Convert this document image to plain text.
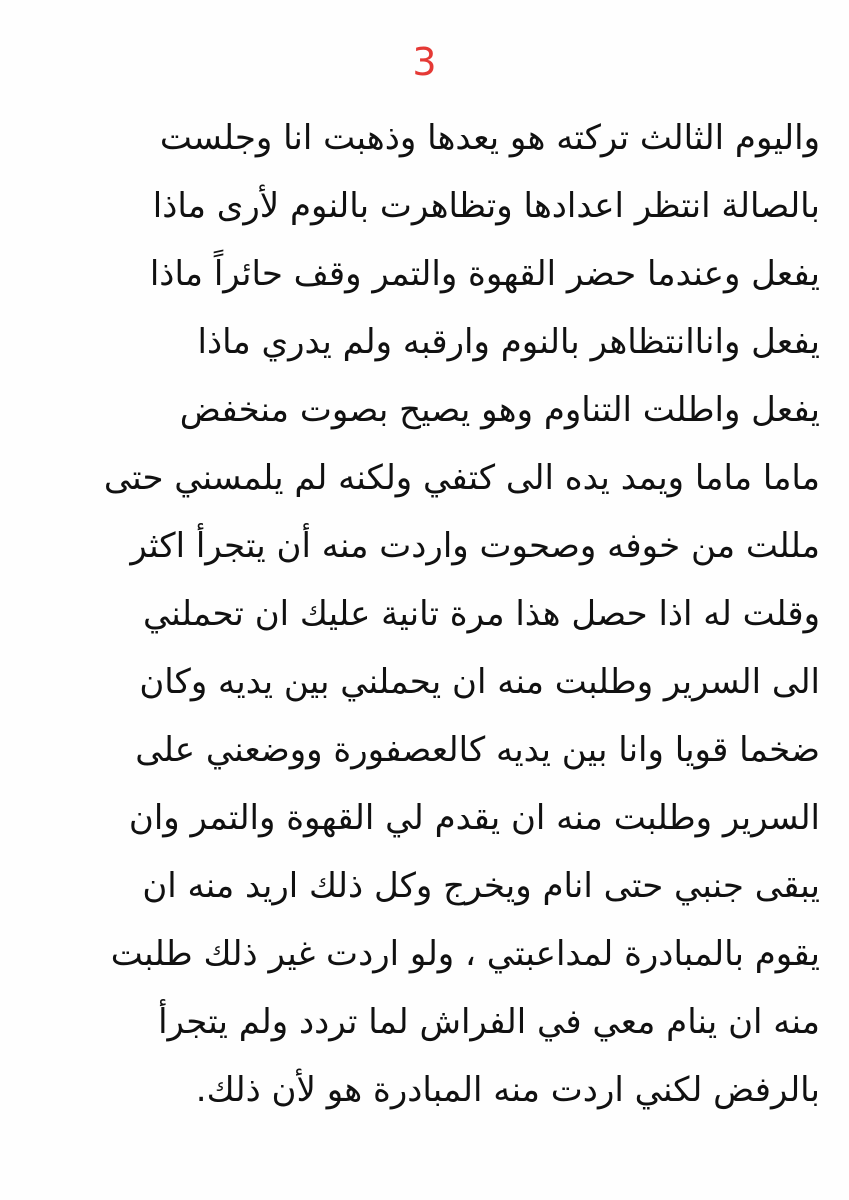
3
واليوم الثالث تركته هو يعدها وذهبت انا وجلست
بالصالة انتظر اعدادها وتظاهرت بالنوم لأرى ماذا
يفعل وعندما حضر القهوة والتمر وقف حائراً ماذا
يفعل واناانتظاهر بالنوم وارقبه ولم يدري ماذا
يفعل واطلت التناوم وهو يصيح بصوت منخفض
ماما ماما ويمد يده الى كتفي ولكنه لم يلمسني حتى
مللت من خوفه وصحوت واردت منه أن يتجرأ اكثر
وقلت له اذا حصل هذا مرة تانية عليك ان تحملني
الى السرير وطلبت منه ان يحملني بين يديه وكان
ضخما قويا وانا بين يديه كالعصفورة ووضعني على
السرير وطلبت منه ان يقدم لي القهوة والتمر وان
يبقى جنبي حتى انام ويخرج وكل ذلك اريد منه ان
يقوم بالمبادرة لمداعبتي ، ولو اردت غير ذلك طلبت
منه ان ينام معي في الفراش لما تردد ولم يتجرأ
بالرفض لكني اردت منه المبادرة هو لأن ذلك.
